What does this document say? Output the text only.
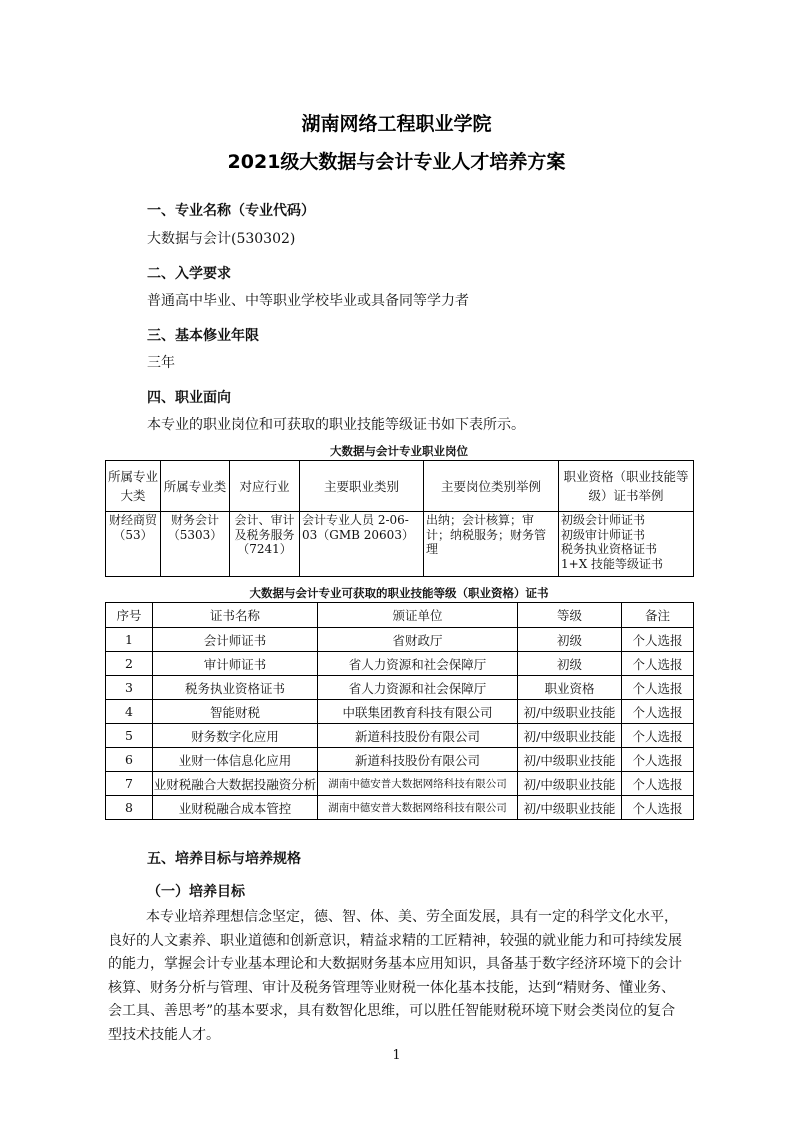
湖南网络工程职业学院
2021级大数据与会计专业人才培养方案
一、专业名称（专业代码）
大数据与会计(530302)
二、入学要求
普通高中毕业、中等职业学校毕业或具备同等学力者
三、基本修业年限
三年
四、职业面向
本专业的职业岗位和可获取的职业技能等级证书如下表所示。
大数据与会计专业职业岗位
所属专业大类	所属专业类	对应行业	主要职业类别	主要岗位类别举例	职业资格（职业技能等级）证书举例
财经商贸（53）	财务会计（5303）	会计、审计及税务服务（7241）	会计专业人员 2-06-03（GMB 20603）	出纳；会计核算；审计；纳税服务；财务管理	初级会计师证书
初级审计师证书
税务执业资格证书
1+X 技能等级证书
大数据与会计专业可获取的职业技能等级（职业资格）证书
序号	证书名称	颁证单位	等级	备注
1	会计师证书	省财政厅	初级	个人选报
2	审计师证书	省人力资源和社会保障厅	初级	个人选报
3	税务执业资格证书	省人力资源和社会保障厅	职业资格	个人选报
4	智能财税	中联集团教育科技有限公司	初/中级职业技能	个人选报
5	财务数字化应用	新道科技股份有限公司	初/中级职业技能	个人选报
6	业财一体信息化应用	新道科技股份有限公司	初/中级职业技能	个人选报
7	业财税融合大数据投融资分析	湖南中德安普大数据网络科技有限公司	初/中级职业技能	个人选报
8	业财税融合成本管控	湖南中德安普大数据网络科技有限公司	初/中级职业技能	个人选报
五、培养目标与培养规格
（一）培养目标
本专业培养理想信念坚定，德、智、体、美、劳全面发展，具有一定的科学文化水平，良好的人文素养、职业道德和创新意识，精益求精的工匠精神，较强的就业能力和可持续发展的能力，掌握会计专业基本理论和大数据财务基本应用知识，具备基于数字经济环境下的会计核算、财务分析与管理、审计及税务管理等业财税一体化基本技能，达到“精财务、懂业务、会工具、善思考”的基本要求，具有数智化思维，可以胜任智能财税环境下财会类岗位的复合型技术技能人才。
1
